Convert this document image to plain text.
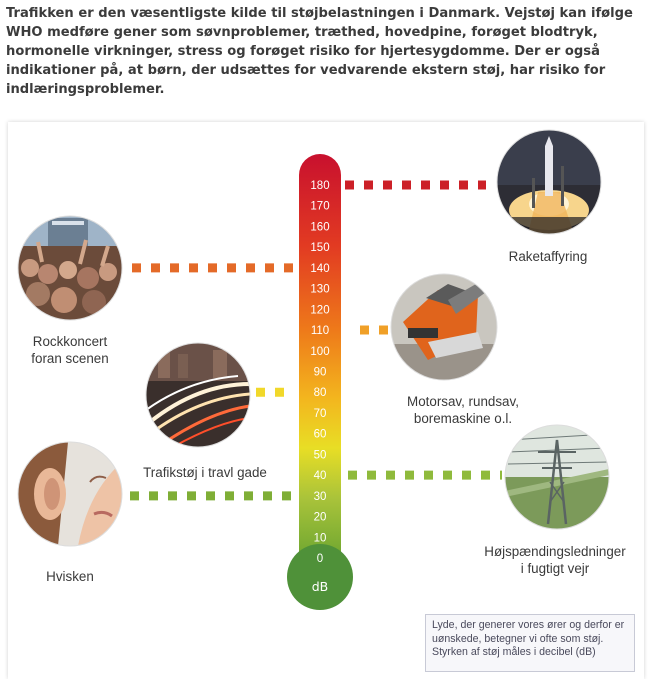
Trafikken er den væsentligste kilde til støjbelastningen i Danmark. Vejstøj kan ifølge WHO medføre gener som søvnproblemer, træthed, hovedpine, forøget blodtryk, hormonelle virkninger, stress og forøget risiko for hjertesygdomme. Der er også indikationer på, at børn, der udsættes for vedvarende ekstern støj, har risiko for indlæringsproblemer.

180
170
160
150
140
130
120
110
100
90
80
70
60
50
40
30
20
10
0
dB
Raketaffyring
Rockkoncert
foran scenen
Motorsav, rundsav,
boremaskine o.l.
Trafikstøj i travl gade
Højspændingsledninger
i fugtigt vejr
Hvisken
Lyde, der generer vores ører og derfor er uønskede, betegner vi ofte som støj. Styrken af støj måles i decibel (dB)
